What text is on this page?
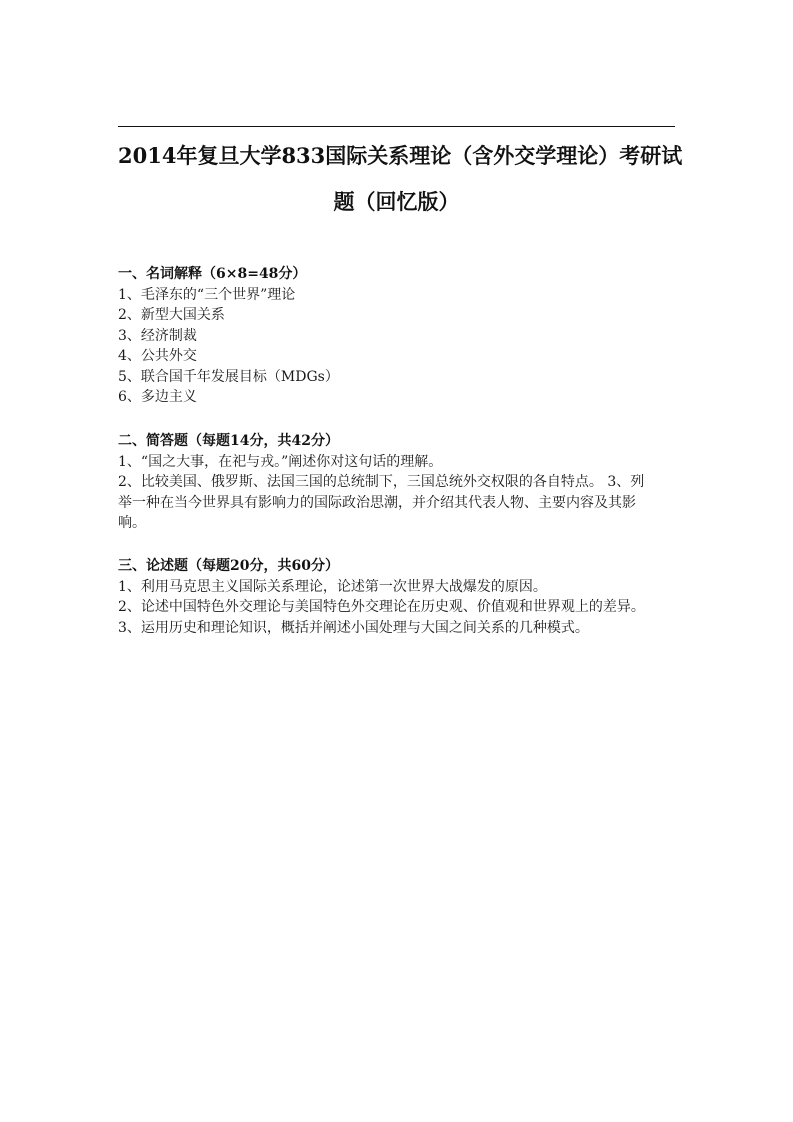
2014年复旦大学833国际关系理论（含外交学理论）考研试
题（回忆版）

一、名词解释（6×8=48分）

1、毛泽东的“三个世界”理论

2、新型大国关系

3、经济制裁

4、公共外交

5、联合国千年发展目标（MDGs）

6、多边主义

二、简答题（每题14分，共42分）

1、“国之大事，在祀与戎。”阐述你对这句话的理解。

2、比较美国、俄罗斯、法国三国的总统制下，三国总统外交权限的各自特点。 3、列举一种在当今世界具有影响力的国际政治思潮，并介绍其代表人物、主要内容及其影响。

三、论述题（每题20分，共60分）

1、利用马克思主义国际关系理论，论述第一次世界大战爆发的原因。

2、论述中国特色外交理论与美国特色外交理论在历史观、价值观和世界观上的差异。

3、运用历史和理论知识，概括并阐述小国处理与大国之间关系的几种模式。
